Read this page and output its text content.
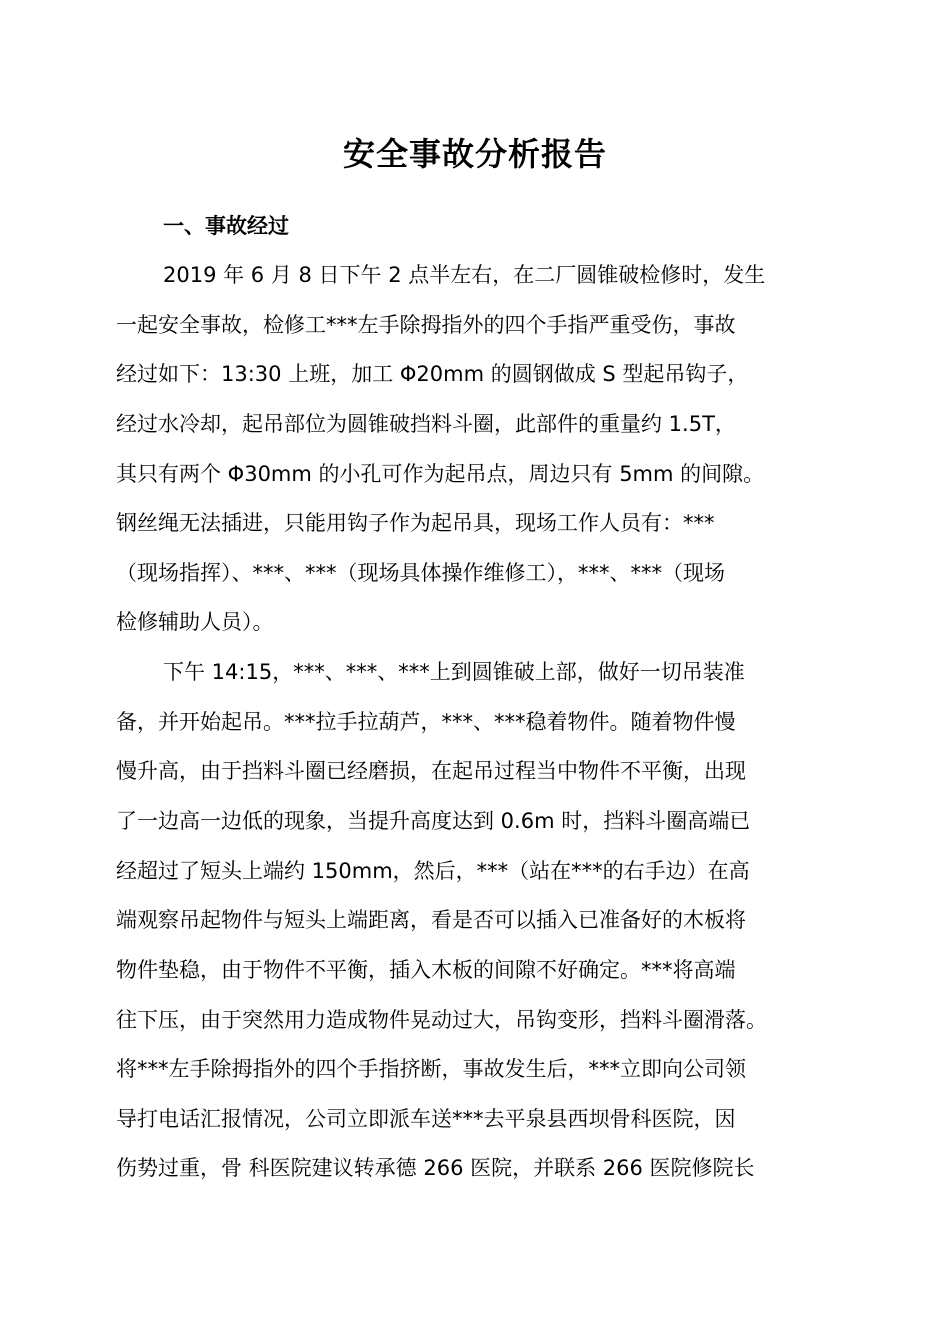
安全事故分析报告
一、事故经过

2019 年 6 月 8 日下午 2 点半左右，在二厂圆锥破检修时，发生

一起安全事故，检修工***左手除拇指外的四个手指严重受伤，事故

经过如下：13:30 上班，加工 Φ20mm 的圆钢做成 S 型起吊钩子，

经过水冷却，起吊部位为圆锥破挡料斗圈，此部件的重量约 1.5T，

其只有两个 Φ30mm 的小孔可作为起吊点，周边只有 5mm 的间隙。

钢丝绳无法插进，只能用钩子作为起吊具，现场工作人员有：***

（现场指挥）、***、***（现场具体操作维修工），***、***（现场

检修辅助人员）。

下午 14:15，***、***、***上到圆锥破上部，做好一切吊装准

备，并开始起吊。***拉手拉葫芦，***、***稳着物件。随着物件慢

慢升高，由于挡料斗圈已经磨损，在起吊过程当中物件不平衡，出现

了一边高一边低的现象，当提升高度达到 0.6m 时，挡料斗圈高端已

经超过了短头上端约 150mm，然后，***（站在***的右手边）在高

端观察吊起物件与短头上端距离，看是否可以插入已准备好的木板将

物件垫稳，由于物件不平衡，插入木板的间隙不好确定。***将高端

往下压，由于突然用力造成物件晃动过大，吊钩变形，挡料斗圈滑落。

将***左手除拇指外的四个手指挤断，事故发生后，***立即向公司领

导打电话汇报情况，公司立即派车送***去平泉县西坝骨科医院，因

伤势过重，骨 科医院建议转承德 266 医院，并联系 266 医院修院长
